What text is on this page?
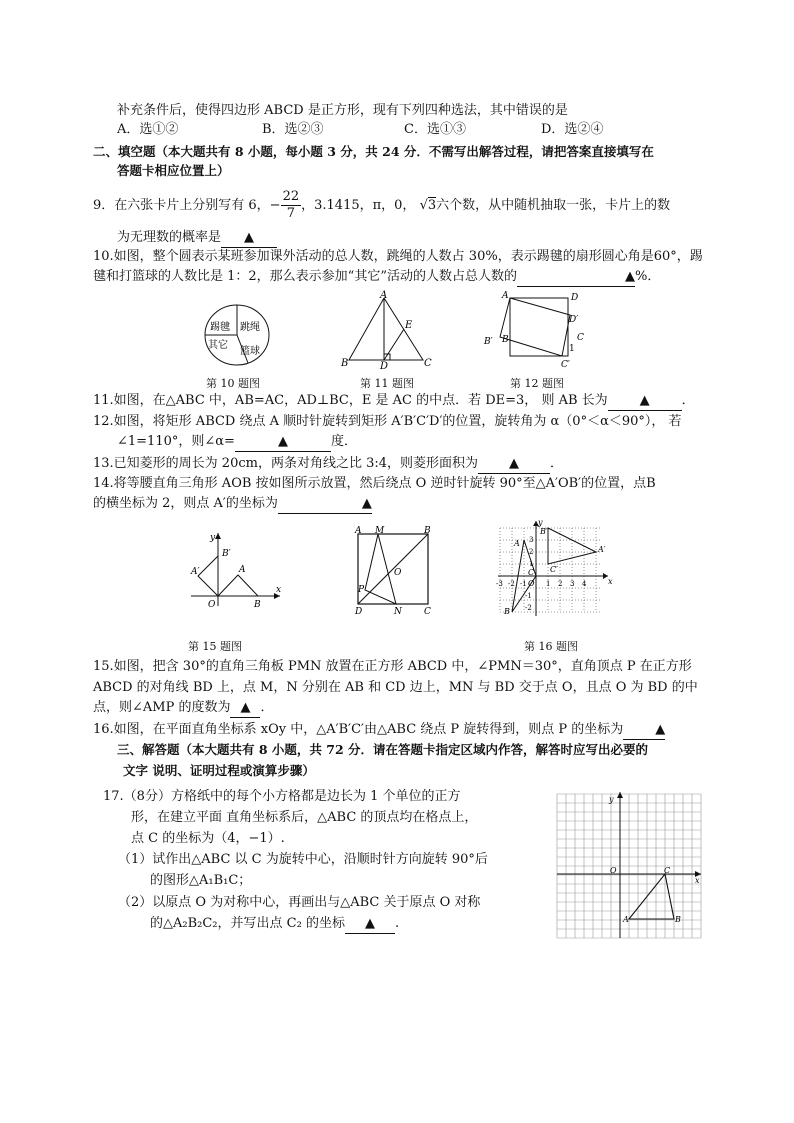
补充条件后，使得四边形 ABCD 是正方形，现有下列四种选法，其中错误的是
A．选①②	B．选②③	C．选①③	D．选②④
二、填空题（本大题共有 8 小题，每小题 3 分，共 24 分．不需写出解答过程，请把答案直接填写在
答题卡相应位置上）
9．在六张卡片上分别写有 6，− $\frac{22}{7}$ ，3.1415，π，0， √3六个数，从中随机抽取一张，卡片上的数
为无理数的概率是 ▲
10.如图，整个圆表示某班参加课外活动的总人数，跳绳的人数占 30%，表示踢毽的扇形圆心角是60°，踢
毽和打篮球的人数比是 1：2，那么表示参加“其它”活动的人数占总人数的	▲%．
踢毽 跳绳
其它
篮球
第 10 题图
A
E
B	D	C
第 11 题图
A	D
D′
B	C
B′
C′
1
第 12 题图
11.如图，在△ABC 中，AB=AC，AD⊥BC，E 是 AC 的中点．若 DE=3， 则 AB 长为 ▲ ．
12.如图，将矩形 ABCD 绕点 A 顺时针旋转到矩形 A′B′C′D′的位置，旋转角为 α（0°＜α＜90°）， 若
∠1=110°，则∠α=	▲	度．
13.已知菱形的周长为 20cm，两条对角线之比 3:4，则菱形面积为 ▲ ．
14.将等腰直角三角形 AOB 按如图所示放置，然后绕点 O 逆时针旋转 90°至△A′OB′的位置，点B
的横坐标为 2，则点 A′的坐标为	▲
y
B′
A′	A
O	B
x
A M	B
O
P
D	N C
第 15 题图
y
B′
A
A′
C C′
B
x
O
-3 -2 -1	1 2 3 4
3
2
1
-1
-2
第 16 题图
15.如图，把含 30°的直角三角板 PMN 放置在正方形 ABCD 中，∠PMN＝30°，直角顶点 P 在正方形
ABCD 的对角线 BD 上，点 M，N 分别在 AB 和 CD 边上，MN 与 BD 交于点 O，且点 O 为 BD 的中
点，则∠AMP 的度数为 ▲ ．
16.如图，在平面直角坐标系 xOy 中，△A′B′C′由△ABC 绕点 P 旋转得到，则点 P 的坐标为 ▲
三、解答题（本大题共有 8 小题，共 72 分．请在答题卡指定区域内作答，解答时应写出必要的
文字 说明、证明过程或演算步骤）
17.（8分）方格纸中的每个小方格都是边长为 1 个单位的正方
形，在建立平面 直角坐标系后，△ABC 的顶点均在格点上，
点 C 的坐标为（4，−1）.
（1）试作出△ABC 以 C 为旋转中心，沿顺时针方向旋转 90°后
的图形△A₁B₁C；
（2）以原点 O 为对称中心，再画出与△ABC 关于原点 O 对称
的△A₂B₂C₂，并写出点 C₂ 的坐标 ▲ .
y
O
x
C
A	B
